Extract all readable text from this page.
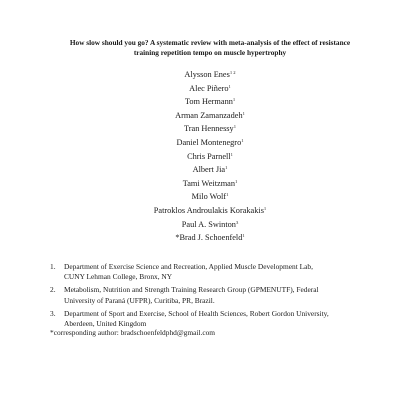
How slow should you go? A systematic review with meta-analysis of the effect of resistance
training repetition tempo on muscle hypertrophy
Alysson Enes$^{1 2}$
Alec Piñero$^1$
Tom Hermann$^1$
Arman Zamanzadeh$^1$
Tran Hennessy$^1$
Daniel Montenegro$^1$
Chris Parnell$^1$
Albert Jia$^1$
Tami Weitzman$^1$
Milo Wolf$^1$
Patroklos Androulakis Korakakis$^1$
Paul A. Swinton$^3$
*Brad J. Schoenfeld$^1$
1.	Department of Exercise Science and Recreation, Applied Muscle Development Lab,
CUNY Lehman College, Bronx, NY
2.	Metabolism, Nutrition and Strength Training Research Group (GPMENUTF), Federal
University of Paraná (UFPR), Curitiba, PR, Brazil.
3.	Department of Sport and Exercise, School of Health Sciences, Robert Gordon University,
Aberdeen, United Kingdom
*corresponding author: bradschoenfeldphd@gmail.com
